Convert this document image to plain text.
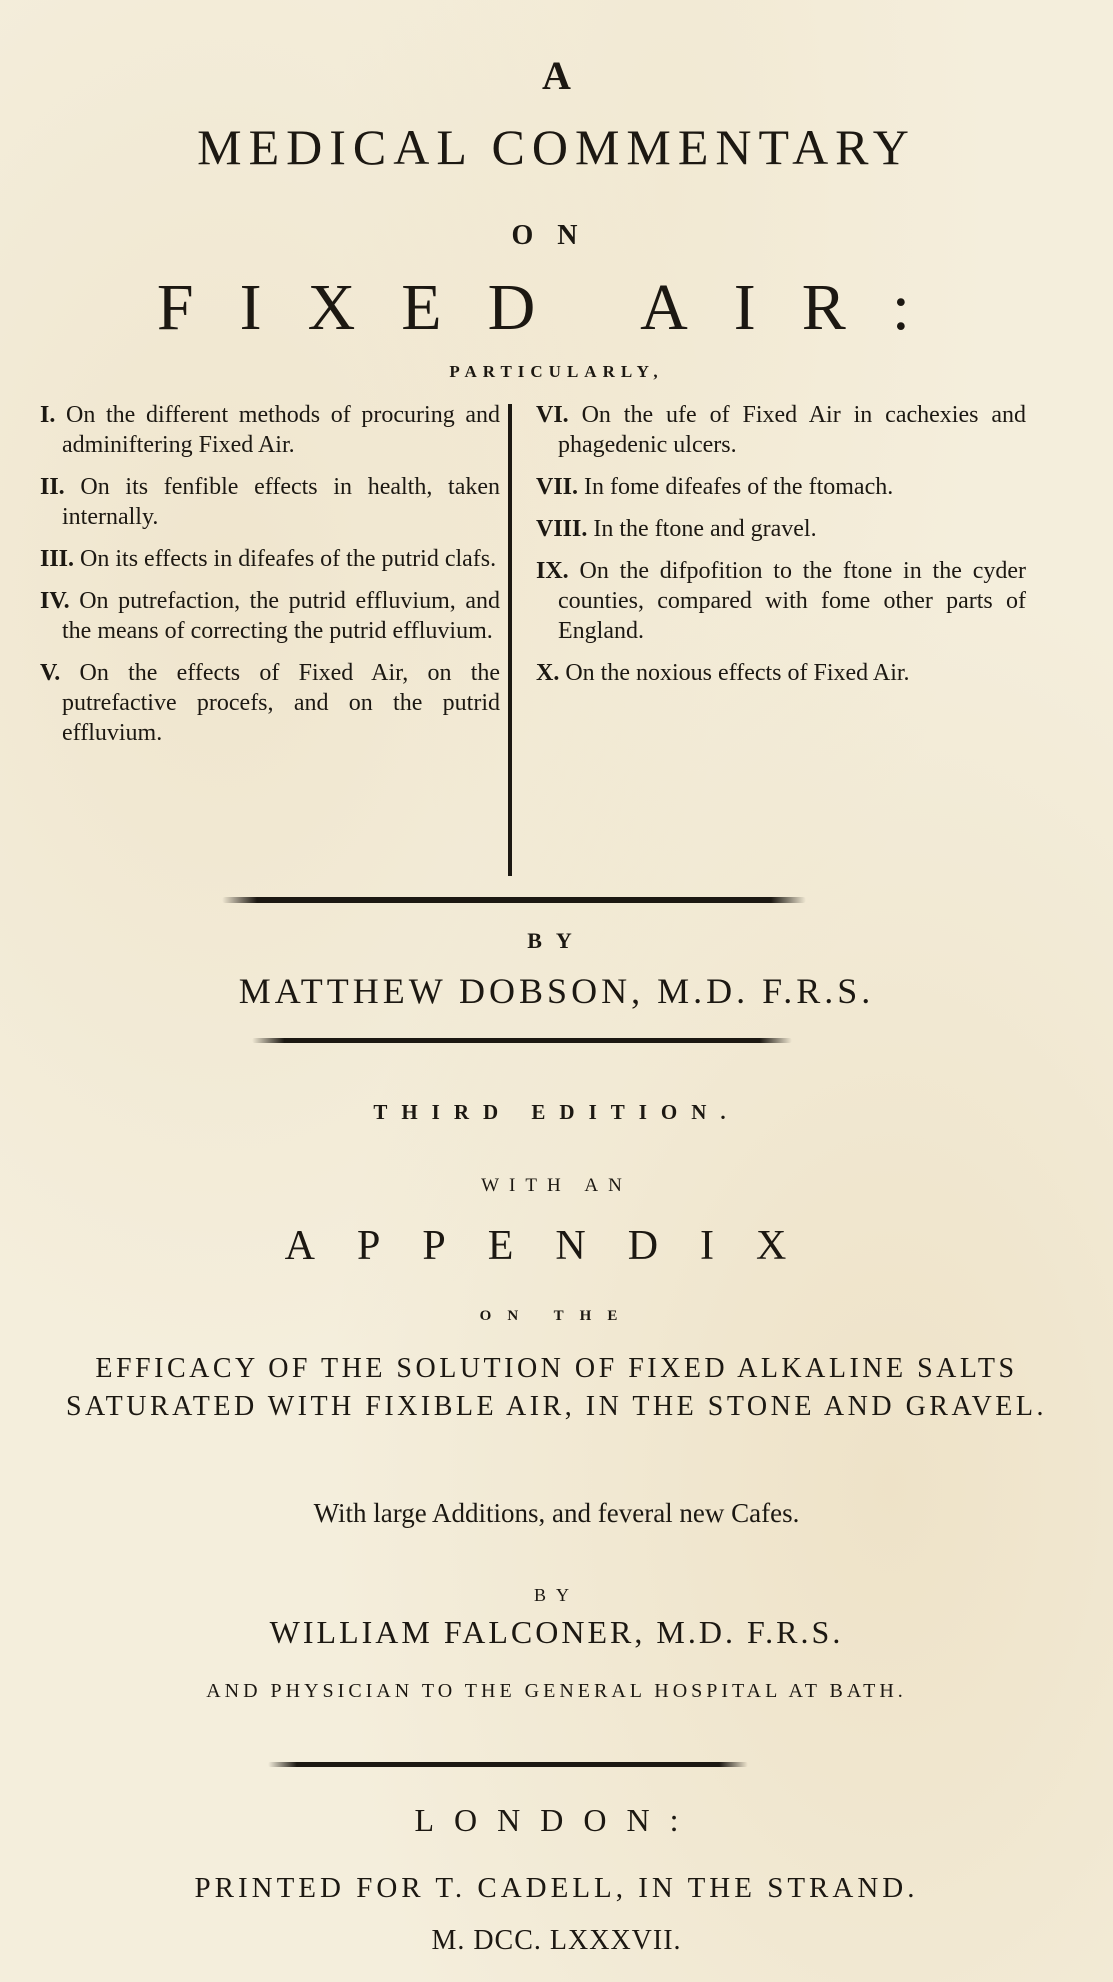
A
MEDICAL COMMENTARY
ON
FIXED AIR:
PARTICULARLY,
I. On the different methods of procuring and adminiftering Fixed Air.
II. On its fenfible effects in health, taken internally.
III. On its effects in difeafes of the putrid clafs.
IV. On putrefaction, the putrid effluvium, and the means of correcting the putrid effluvium.
V. On the effects of Fixed Air, on the putrefactive procefs, and on the putrid effluvium.
VI. On the ufe of Fixed Air in cachexies and phagedenic ulcers.
VII. In fome difeafes of the ftomach.
VIII. In the ftone and gravel.
IX. On the difpofition to the ftone in the cyder counties, compared with fome other parts of England.
X. On the noxious effects of Fixed Air.
BY
MATTHEW DOBSON, M.D. F.R.S.
THIRD EDITION.
WITH AN
APPENDIX
ON THE
EFFICACY OF THE SOLUTION OF FIXED ALKALINE SALTS SATURATED WITH FIXIBLE AIR, IN THE STONE AND GRAVEL.
With large Additions, and feveral new Cafes.
BY
WILLIAM FALCONER, M.D. F.R.S.
AND PHYSICIAN TO THE GENERAL HOSPITAL AT BATH.
LONDON:
PRINTED FOR T. CADELL, IN THE STRAND.
M. DCC. LXXXVII.
